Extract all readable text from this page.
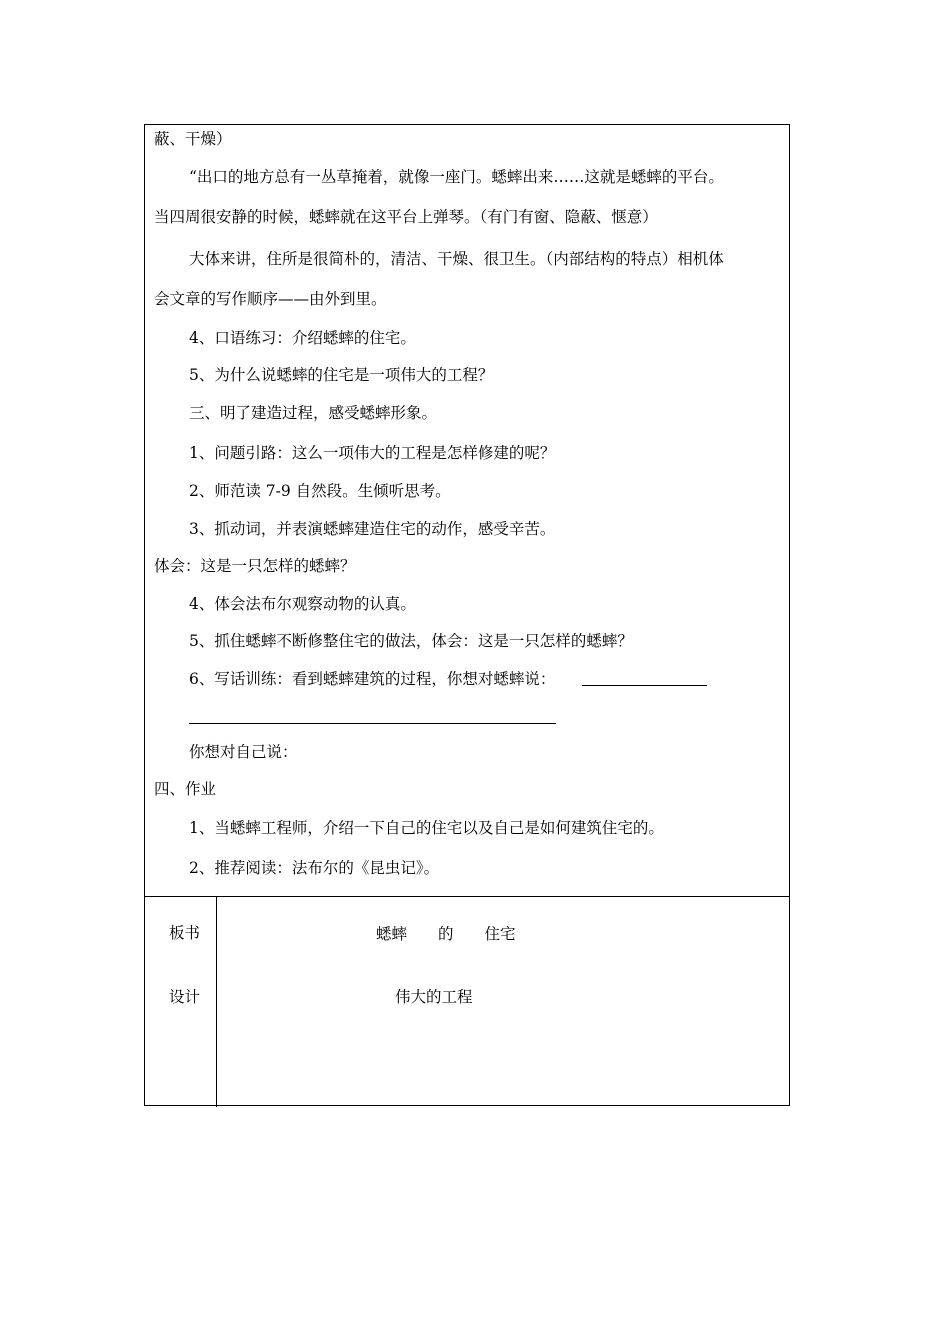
蔽、干燥）
“出口的地方总有一丛草掩着，就像一座门。蟋蟀出来……这就是蟋蟀的平台。
当四周很安静的时候，蟋蟀就在这平台上弹琴。（有门有窗、隐蔽、惬意）
大体来讲，住所是很简朴的，清洁、干燥、很卫生。（内部结构的特点）相机体
会文章的写作顺序——由外到里。
4、口语练习：介绍蟋蟀的住宅。
5、为什么说蟋蟀的住宅是一项伟大的工程？
三、明了建造过程，感受蟋蟀形象。
1、问题引路：这么一项伟大的工程是怎样修建的呢？
2、师范读 7-9 自然段。生倾听思考。
3、抓动词，并表演蟋蟀建造住宅的动作，感受辛苦。
体会：这是一只怎样的蟋蟀？
4、体会法布尔观察动物的认真。
5、抓住蟋蟀不断修整住宅的做法，体会：这是一只怎样的蟋蟀？
6、写话训练：看到蟋蟀建筑的过程，你想对蟋蟀说：
你想对自己说：
四、作业
1、当蟋蟀工程师，介绍一下自己的住宅以及自己是如何建筑住宅的。
2、推荐阅读：法布尔的《昆虫记》。
板书
设计
蟋蟀　　的　　住宅
伟大的工程
